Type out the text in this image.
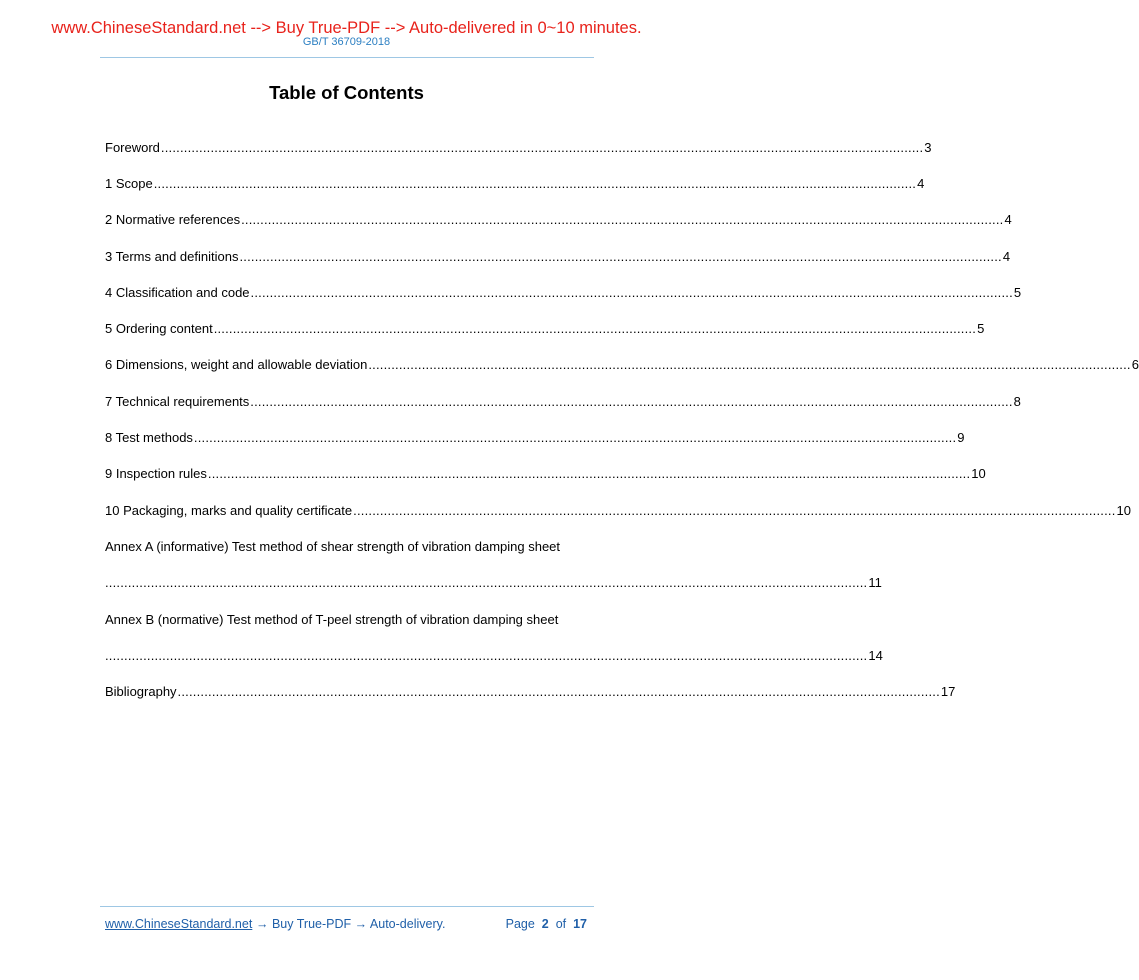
www.ChineseStandard.net --> Buy True-PDF --> Auto-delivered in 0~10 minutes.
GB/T 36709-2018
Table of Contents
Foreword ........................................................................................................................................................................................................ 3
1 Scope ........................................................................................................................................................................................................ 4
2 Normative references ........................................................................................................................................................................................................ 4
3 Terms and definitions ........................................................................................................................................................................................................ 4
4 Classification and code ........................................................................................................................................................................................................ 5
5 Ordering content ........................................................................................................................................................................................................ 5
6 Dimensions, weight and allowable deviation ........................................................................................................................................................................................................ 6
7 Technical requirements ........................................................................................................................................................................................................ 8
8 Test methods ........................................................................................................................................................................................................ 9
9 Inspection rules ........................................................................................................................................................................................................ 10
10 Packaging, marks and quality certificate ........................................................................................................................................................................................................ 10
Annex A (informative) Test method of shear strength of vibration damping sheet
........................................................................................................................................................................................................ 11
Annex B (normative) Test method of T-peel strength of vibration damping sheet
........................................................................................................................................................................................................ 14
Bibliography ........................................................................................................................................................................................................ 17
www.ChineseStandard.net → Buy True-PDF → Auto-delivery.	Page 2 of 17
